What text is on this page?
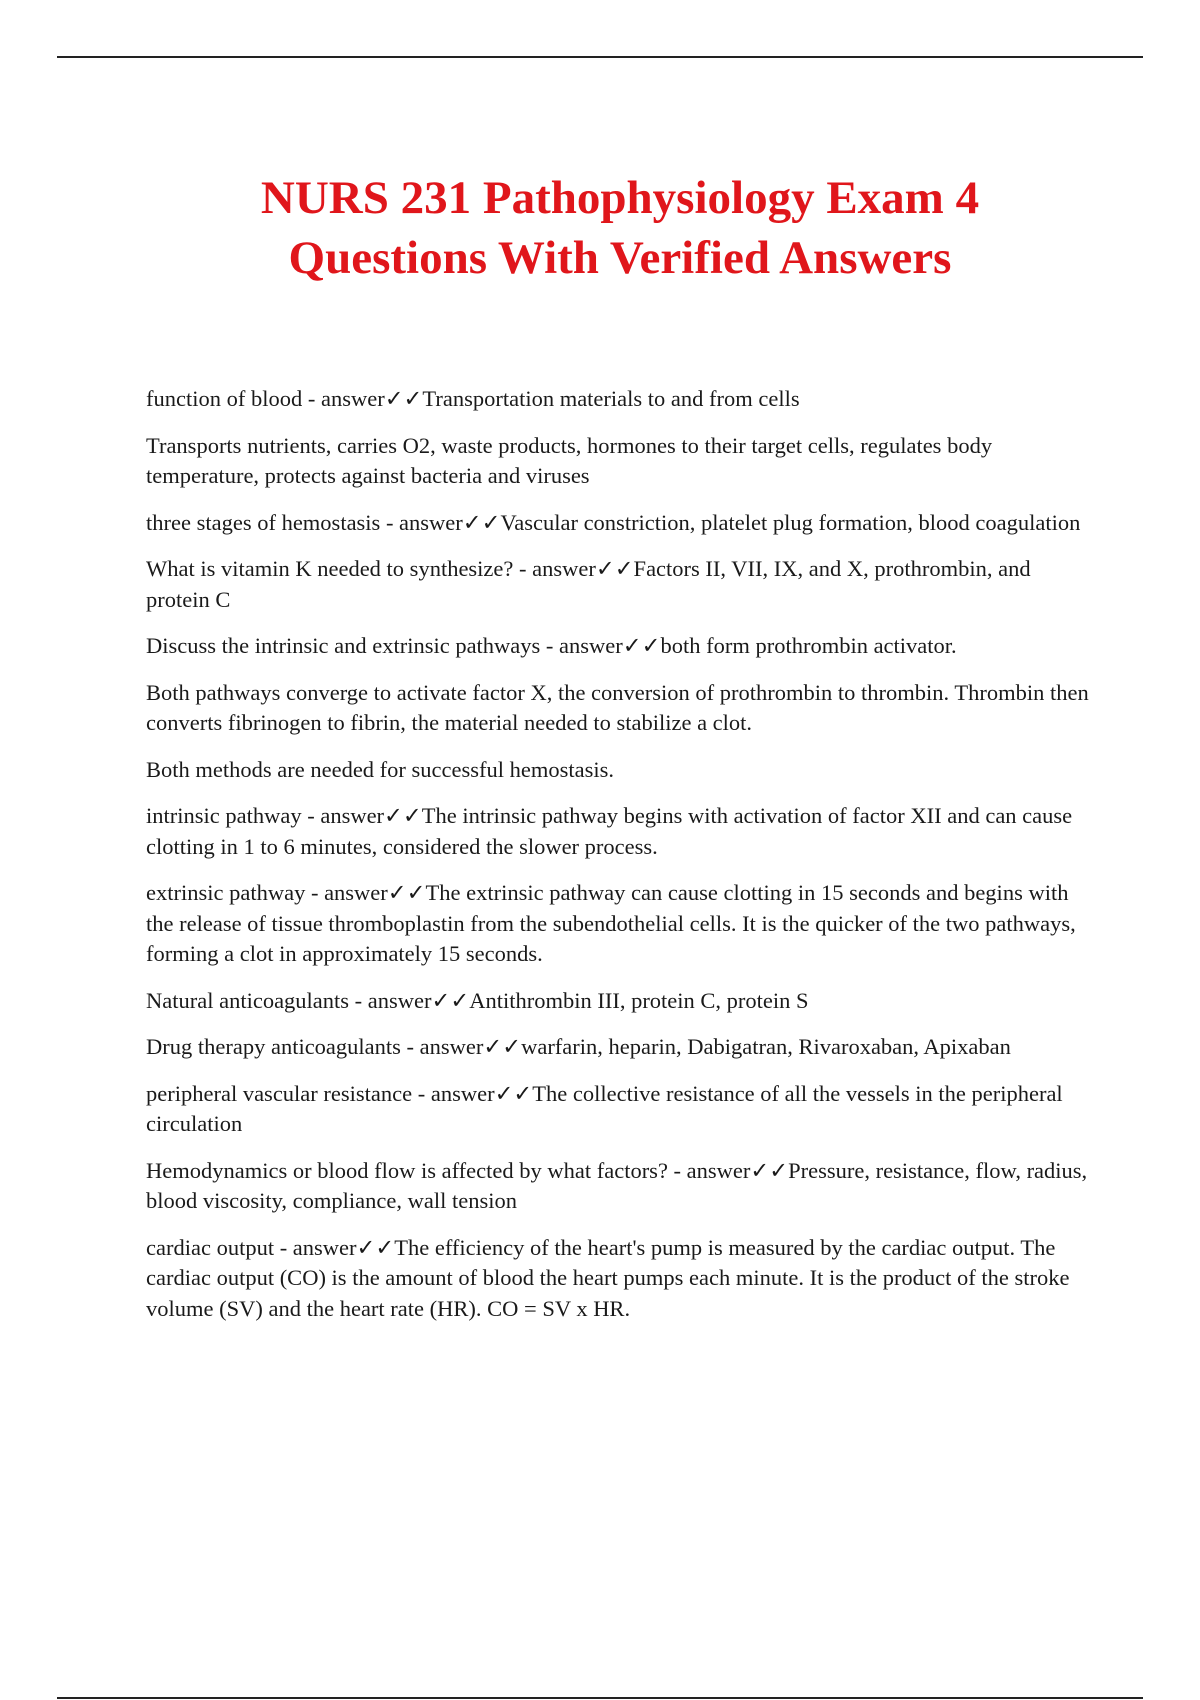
NURS 231 Pathophysiology Exam 4
Questions With Verified Answers

function of blood - answer✓✓Transportation materials to and from cells

Transports nutrients, carries O2, waste products, hormones to their target cells, regulates body temperature, protects against bacteria and viruses

three stages of hemostasis - answer✓✓Vascular constriction, platelet plug formation, blood coagulation

What is vitamin K needed to synthesize? - answer✓✓Factors II, VII, IX, and X, prothrombin, and protein C

Discuss the intrinsic and extrinsic pathways - answer✓✓both form prothrombin activator.

Both pathways converge to activate factor X, the conversion of prothrombin to thrombin. Thrombin then converts fibrinogen to fibrin, the material needed to stabilize a clot.

Both methods are needed for successful hemostasis.

intrinsic pathway - answer✓✓The intrinsic pathway begins with activation of factor XII and can cause clotting in 1 to 6 minutes, considered the slower process.

extrinsic pathway - answer✓✓The extrinsic pathway can cause clotting in 15 seconds and begins with the release of tissue thromboplastin from the subendothelial cells. It is the quicker of the two pathways, forming a clot in approximately 15 seconds.

Natural anticoagulants - answer✓✓Antithrombin III, protein C, protein S

Drug therapy anticoagulants - answer✓✓warfarin, heparin, Dabigatran, Rivaroxaban, Apixaban

peripheral vascular resistance - answer✓✓The collective resistance of all the vessels in the peripheral circulation

Hemodynamics or blood flow is affected by what factors? - answer✓✓Pressure, resistance, flow, radius, blood viscosity, compliance, wall tension

cardiac output - answer✓✓The efficiency of the heart's pump is measured by the cardiac output. The cardiac output (CO) is the amount of blood the heart pumps each minute. It is the product of the stroke volume (SV) and the heart rate (HR). CO = SV x HR.
